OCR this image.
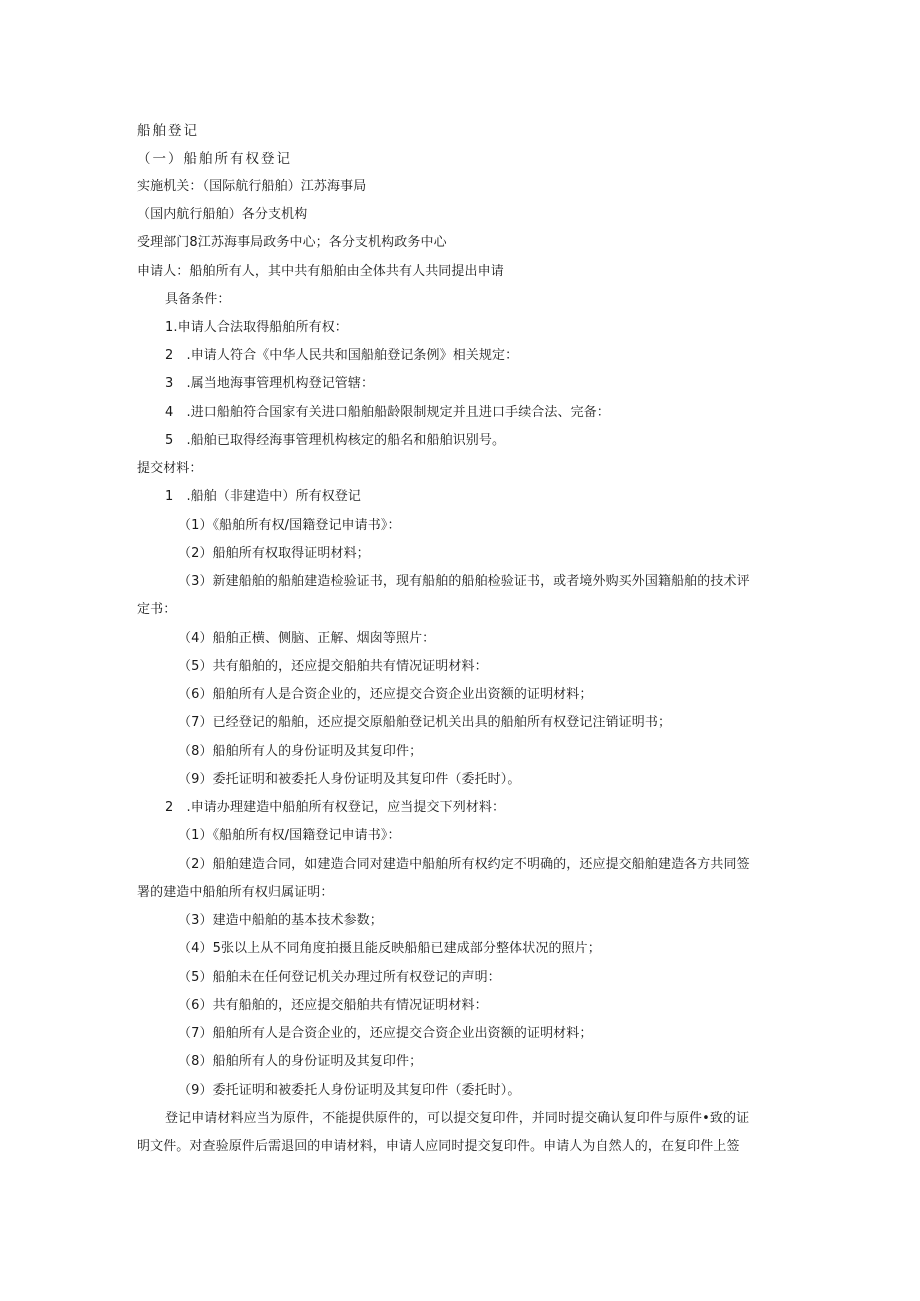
船舶登记
（一）船舶所有权登记
实施机关：（国际航行船舶）江苏海事局
（国内航行船舶）各分支机构
受理部门8江苏海事局政务中心；各分支机构政务中心
申请人：船舶所有人，其中共有船舶由全体共有人共同提出申请
具备条件：
1.申请人合法取得船舶所有权：
2　.申请人符合《中华人民共和国船舶登记条例》相关规定：
3　.属当地海事管理机构登记管辖：
4　.进口船舶符合国家有关进口船舶船龄限制规定并且进口手续合法、完备：
5　.船舶已取得经海事管理机构核定的船名和船舶识别号。
提交材料：
1　.船舶（非建造中）所有权登记
（1）《船舶所有权/国籍登记申请书》：
（2）船舶所有权取得证明材料；
（3）新建船舶的船舶建造检验证书，现有船舶的船舶检验证书，或者境外购买外国籍船舶的技术评
定书：
（4）船舶正横、侧脑、正解、烟囱等照片：
（5）共有船舶的，还应提交船舶共有情况证明材料：
（6）船舶所有人是合资企业的，还应提交合资企业出资额的证明材料；
（7）已经登记的船舶，还应提交原船舶登记机关出具的船舶所有权登记注销证明书；
（8）船舶所有人的身份证明及其复印件；
（9）委托证明和被委托人身份证明及其复印件（委托时）。
2　.申请办理建造中船舶所有权登记，应当提交下列材料：
（1）《船舶所有权/国籍登记申请书》：
（2）船舶建造合同，如建造合同对建造中船舶所有权约定不明确的，还应提交船舶建造各方共同签
署的建造中船舶所有权归属证明：
（3）建造中船舶的基本技术参数；
（4）5张以上从不同角度拍摄且能反映船船已建成部分整体状况的照片；
（5）船舶未在任何登记机关办理过所有权登记的声明：
（6）共有船舶的，还应提交船舶共有情况证明材料：
（7）船舶所有人是合资企业的，还应提交合资企业出资额的证明材料；
（8）船舶所有人的身份证明及其复印件；
（9）委托证明和被委托人身份证明及其复印件（委托时）。
登记申请材料应当为原件，不能提供原件的，可以提交复印件，并同时提交确认复印件与原件•致的证
明文件。对查验原件后需退回的申请材料，申请人应同时提交复印件。申请人为自然人的，在复印件上签
